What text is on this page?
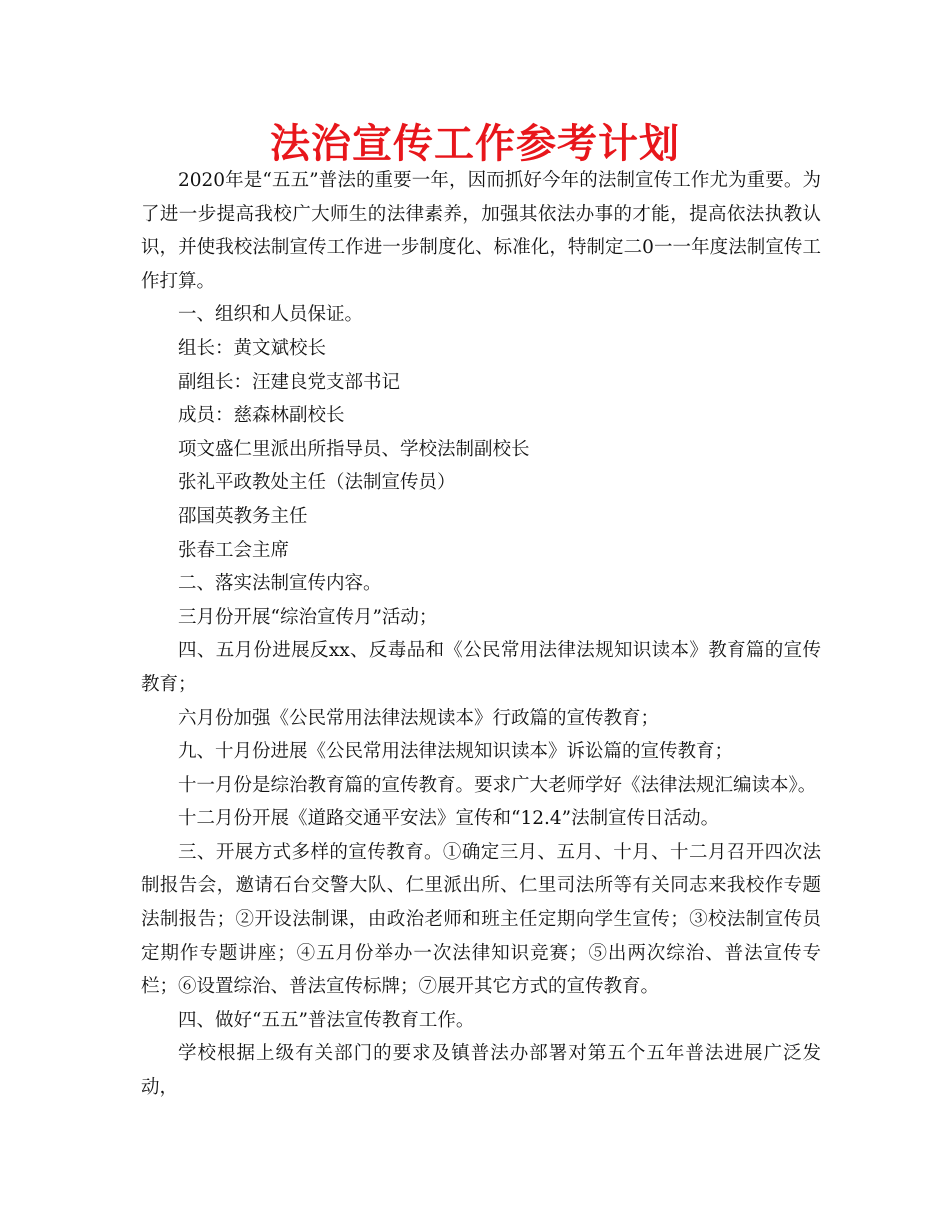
法治宣传工作参考计划

2020年是“五五”普法的重要一年，因而抓好今年的法制宣传工作尤为重要。为了进一步提高我校广大师生的法律素养，加强其依法办事的才能，提高依法执教认识，并使我校法制宣传工作进一步制度化、标准化，特制定二0一一年度法制宣传工作打算。

一、组织和人员保证。

组长：黄文斌校长

副组长：汪建良党支部书记

成员：慈森林副校长

项文盛仁里派出所指导员、学校法制副校长

张礼平政教处主任（法制宣传员）

邵国英教务主任

张春工会主席

二、落实法制宣传内容。

三月份开展“综治宣传月”活动；

四、五月份进展反xx、反毒品和《公民常用法律法规知识读本》教育篇的宣传教育；

六月份加强《公民常用法律法规读本》行政篇的宣传教育；

九、十月份进展《公民常用法律法规知识读本》诉讼篇的宣传教育；

十一月份是综治教育篇的宣传教育。要求广大老师学好《法律法规汇编读本》。

十二月份开展《道路交通平安法》宣传和“12.4”法制宣传日活动。

三、开展方式多样的宣传教育。①确定三月、五月、十月、十二月召开四次法制报告会，邀请石台交警大队、仁里派出所、仁里司法所等有关同志来我校作专题法制报告；②开设法制课，由政治老师和班主任定期向学生宣传；③校法制宣传员定期作专题讲座；④五月份举办一次法律知识竞赛；⑤出两次综治、普法宣传专栏；⑥设置综治、普法宣传标牌；⑦展开其它方式的宣传教育。

四、做好“五五”普法宣传教育工作。

学校根据上级有关部门的要求及镇普法办部署对第五个五年普法进展广泛发动，
